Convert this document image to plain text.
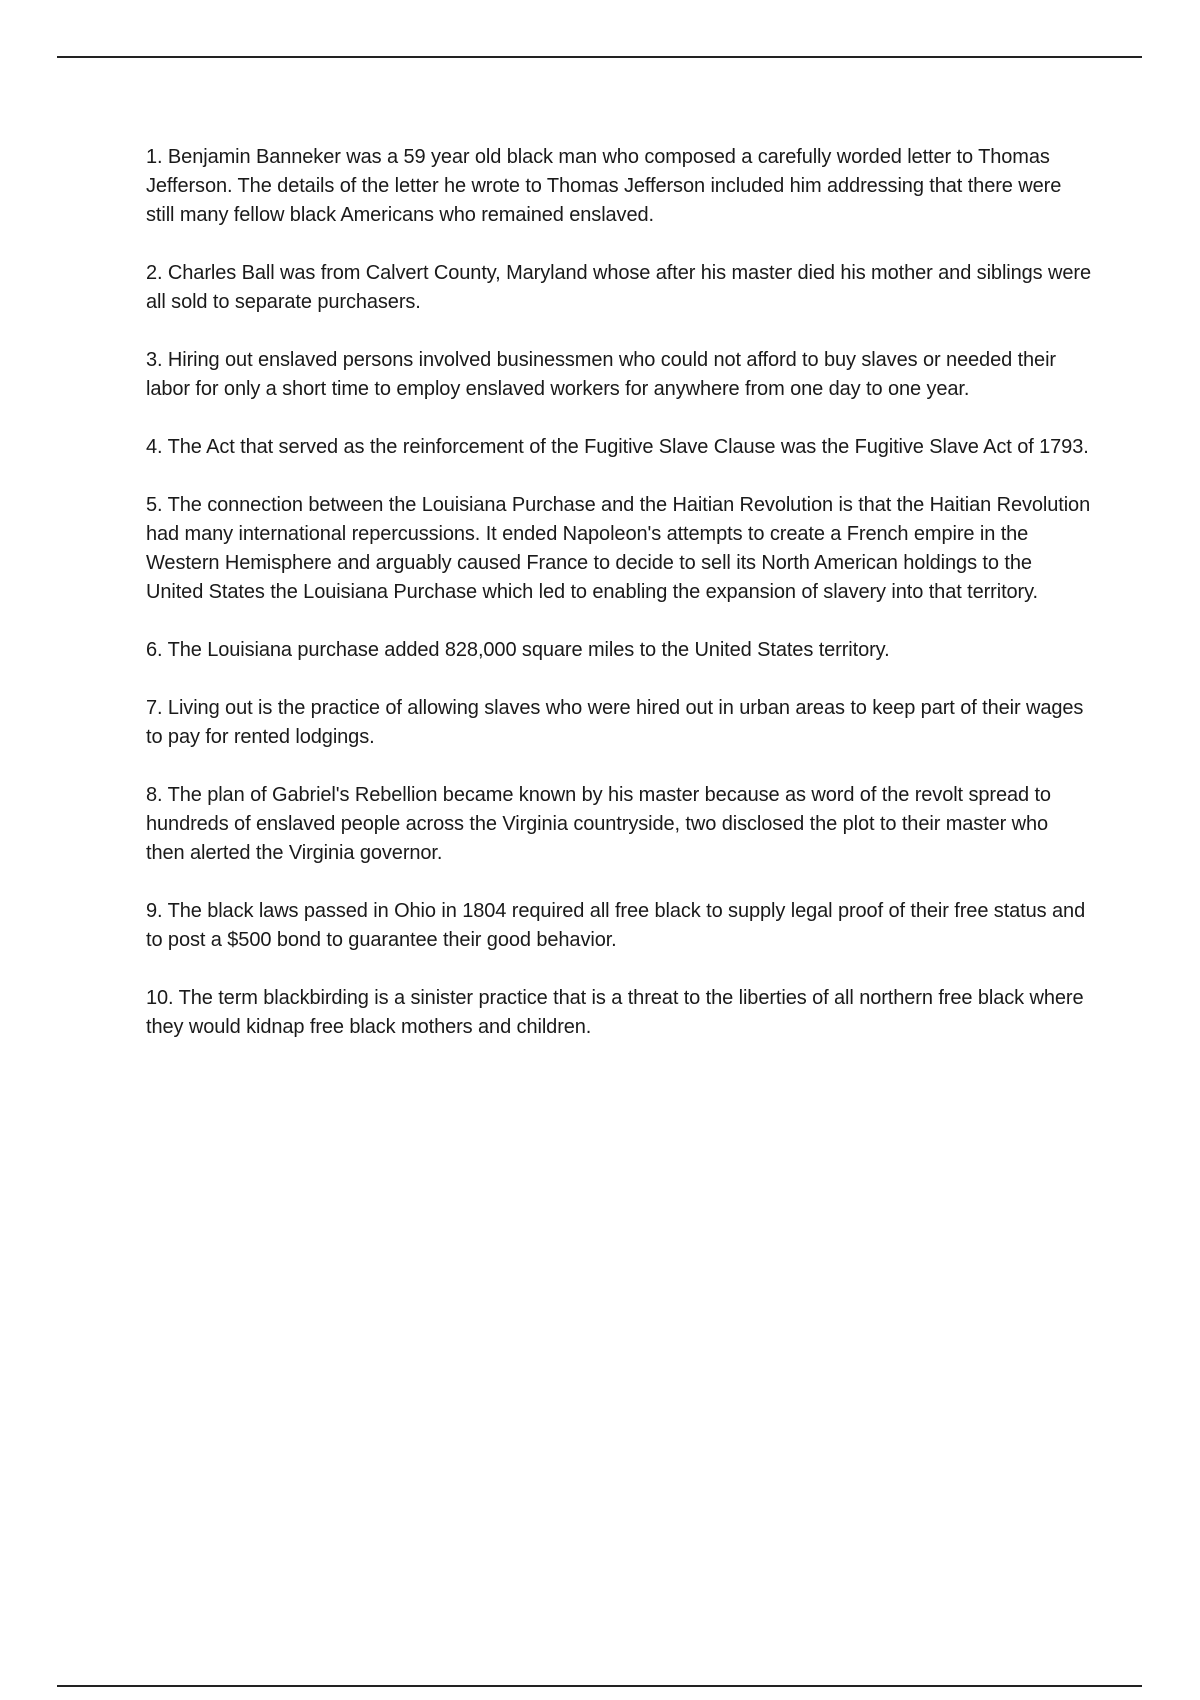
1. Benjamin Banneker was a 59 year old black man who composed a carefully worded letter to Thomas Jefferson. The details of the letter he wrote to Thomas Jefferson included him addressing that there were still many fellow black Americans who remained enslaved.

2. Charles Ball was from Calvert County, Maryland whose after his master died his mother and siblings were all sold to separate purchasers.

3. Hiring out enslaved persons involved businessmen who could not afford to buy slaves or needed their labor for only a short time to employ enslaved workers for anywhere from one day to one year.

4. The Act that served as the reinforcement of the Fugitive Slave Clause was the Fugitive Slave Act of 1793.

5. The connection between the Louisiana Purchase and the Haitian Revolution is that the Haitian Revolution had many international repercussions. It ended Napoleon's attempts to create a French empire in the Western Hemisphere and arguably caused France to decide to sell its North American holdings to the United States the Louisiana Purchase which led to enabling the expansion of slavery into that territory.

6. The Louisiana purchase added 828,000 square miles to the United States territory.

7. Living out is the practice of allowing slaves who were hired out in urban areas to keep part of their wages to pay for rented lodgings.

8. The plan of Gabriel's Rebellion became known by his master because as word of the revolt spread to hundreds of enslaved people across the Virginia countryside, two disclosed the plot to their master who then alerted the Virginia governor.

9. The black laws passed in Ohio in 1804 required all free black to supply legal proof of their free status and to post a $500 bond to guarantee their good behavior.

10. The term blackbirding is a sinister practice that is a threat to the liberties of all northern free black where they would kidnap free black mothers and children.
